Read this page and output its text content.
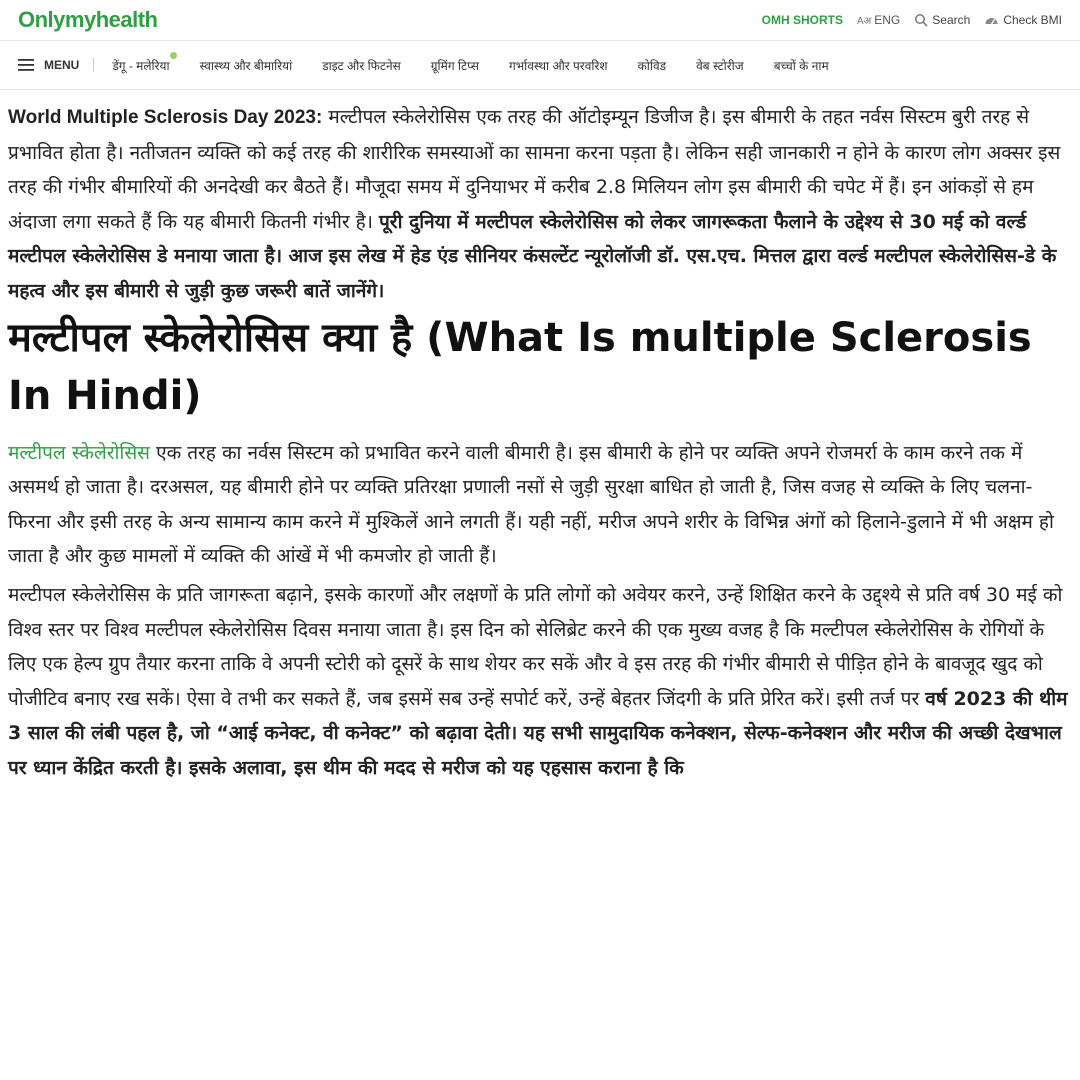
Onlymyhealth	OMH SHORTS Aअ ENG	Search	Check BMI
MENU	डेंगू - मलेरिया	स्वास्थ्य और बीमारियां	डाइट और फिटनेस	ग्रूमिंग टिप्स	गर्भावस्था और परवरिश	कोविड	वेब स्टोरीज	बच्चों के नाम

World Multiple Sclerosis Day 2023: मल्टीपल स्केलेरोसिस एक तरह की ऑटोइम्यून डिजीज है। इस बीमारी के तहत नर्वस सिस्टम बुरी तरह से प्रभावित होता है। नतीजतन व्यक्ति को कई तरह की शारीरिक समस्याओं का सामना करना पड़ता है। लेकिन सही जानकारी न होने के कारण लोग अक्सर इस तरह की गंभीर बीमारियों की अनदेखी कर बैठते हैं। मौजूदा समय में दुनियाभर में करीब 2.8 मिलियन लोग इस बीमारी की चपेट में हैं। इन आंकड़ों से हम अंदाजा लगा सकते हैं कि यह बीमारी कितनी गंभीर है। पूरी दुनिया में मल्टीपल स्केलेरोसिस को लेकर जागरूकता फैलाने के उद्देश्य से 30 मई को वर्ल्ड मल्टीपल स्केलेरोसिस डे मनाया जाता है। आज इस लेख में हेड एंड सीनियर कंसल्टेंट न्यूरोलॉजी डॉ. एस.एच. मित्तल द्वारा वर्ल्ड मल्टीपल स्केलेरोसिस-डे के महत्व और इस बीमारी से जुड़ी कुछ जरूरी बातें जानेंगे।

मल्टीपल स्केलेरोसिस क्या है (What Is multiple Sclerosis In Hindi)

मल्टीपल स्केलेरोसिस एक तरह का नर्वस सिस्टम को प्रभावित करने वाली बीमारी है। इस बीमारी के होने पर व्यक्ति अपने रोजमर्रा के काम करने तक में असमर्थ हो जाता है। दरअसल, यह बीमारी होने पर व्यक्ति प्रतिरक्षा प्रणाली नसों से जुड़ी सुरक्षा बाधित हो जाती है, जिस वजह से व्यक्ति के लिए चलना-फिरना और इसी तरह के अन्य सामान्य काम करने में मुश्किलें आने लगती हैं। यही नहीं, मरीज अपने शरीर के विभिन्न अंगों को हिलाने-डुलाने में भी अक्षम हो जाता है और कुछ मामलों में व्यक्ति की आंखें में भी कमजोर हो जाती हैं।

मल्टीपल स्केलेरोसिस के प्रति जागरूता बढ़ाने, इसके कारणों और लक्षणों के प्रति लोगों को अवेयर करने, उन्हें शिक्षित करने के उद्द्श्ये से प्रति वर्ष 30 मई को विश्व स्तर पर विश्व मल्टीपल स्केलेरोसिस दिवस मनाया जाता है। इस दिन को सेलिब्रेट करने की एक मुख्य वजह है कि मल्टीपल स्केलेरोसिस के रोगियों के लिए एक हेल्प ग्रुप तैयार करना ताकि वे अपनी स्टोरी को दूसरें के साथ शेयर कर सकें और वे इस तरह की गंभीर बीमारी से पीड़ित होने के बावजूद खुद को पोजीटिव बनाए रख सकें। ऐसा वे तभी कर सकते हैं, जब इसमें सब उन्हें सपोर्ट करें, उन्हें बेहतर जिंदगी के प्रति प्रेरित करें। इसी तर्ज पर वर्ष 2023 की थीम 3 साल की लंबी पहल है, जो “आई कनेक्ट, वी कनेक्ट” को बढ़ावा देती। यह सभी सामुदायिक कनेक्शन, सेल्फ-कनेक्शन और मरीज की अच्छी देखभाल पर ध्यान केंद्रित करती है। इसके अलावा, इस थीम की मदद से मरीज को यह एहसास कराना है कि
